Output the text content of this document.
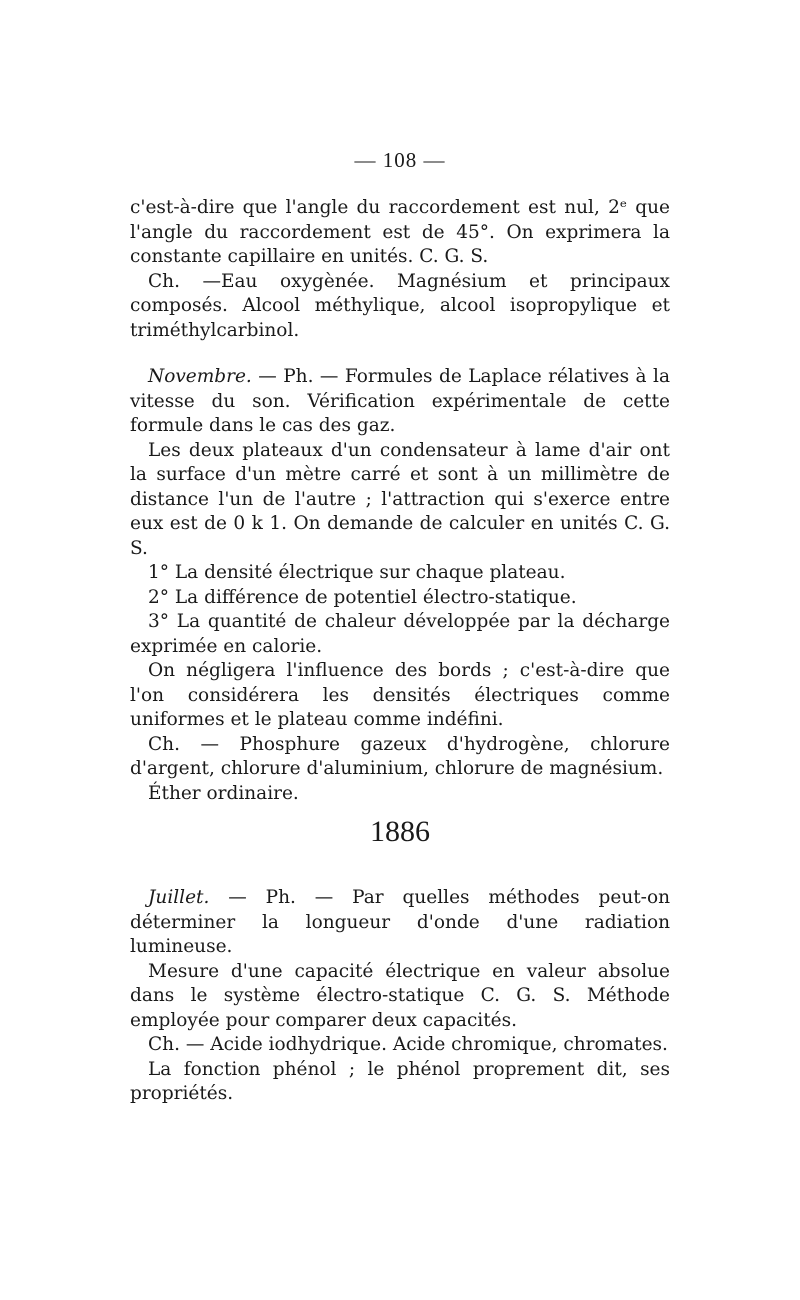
— 108 —

c'est-à-dire que l'angle du raccordement est nul, 2ᵉ que l'angle du raccordement est de 45°. On exprimera la constante capillaire en unités. C. G. S.

Ch. —Eau oxygènée. Magnésium et principaux composés. Alcool méthylique, alcool isopropylique et triméthylcarbinol.

Novembre. — Ph. — Formules de Laplace rélatives à la vitesse du son. Vérification expérimentale de cette formule dans le cas des gaz.

Les deux plateaux d'un condensateur à lame d'air ont la surface d'un mètre carré et sont à un millimètre de distance l'un de l'autre ; l'attraction qui s'exerce entre eux est de 0 k 1. On demande de calculer en unités C. G. S.

1° La densité électrique sur chaque plateau.

2° La différence de potentiel électro-statique.

3° La quantité de chaleur développée par la décharge exprimée en calorie.

On négligera l'influence des bords ; c'est-à-dire que l'on considérera les densités électriques comme uniformes et le plateau comme indéfini.

Ch. — Phosphure gazeux d'hydrogène, chlorure d'argent, chlorure d'aluminium, chlorure de magnésium.

Éther ordinaire.

1886

Juillet. — Ph. — Par quelles méthodes peut-on déterminer la longueur d'onde d'une radiation lumineuse.

Mesure d'une capacité électrique en valeur absolue dans le système électro-statique C. G. S. Méthode employée pour comparer deux capacités.

Ch. — Acide iodhydrique. Acide chromique, chromates.

La fonction phénol ; le phénol proprement dit, ses propriétés.
